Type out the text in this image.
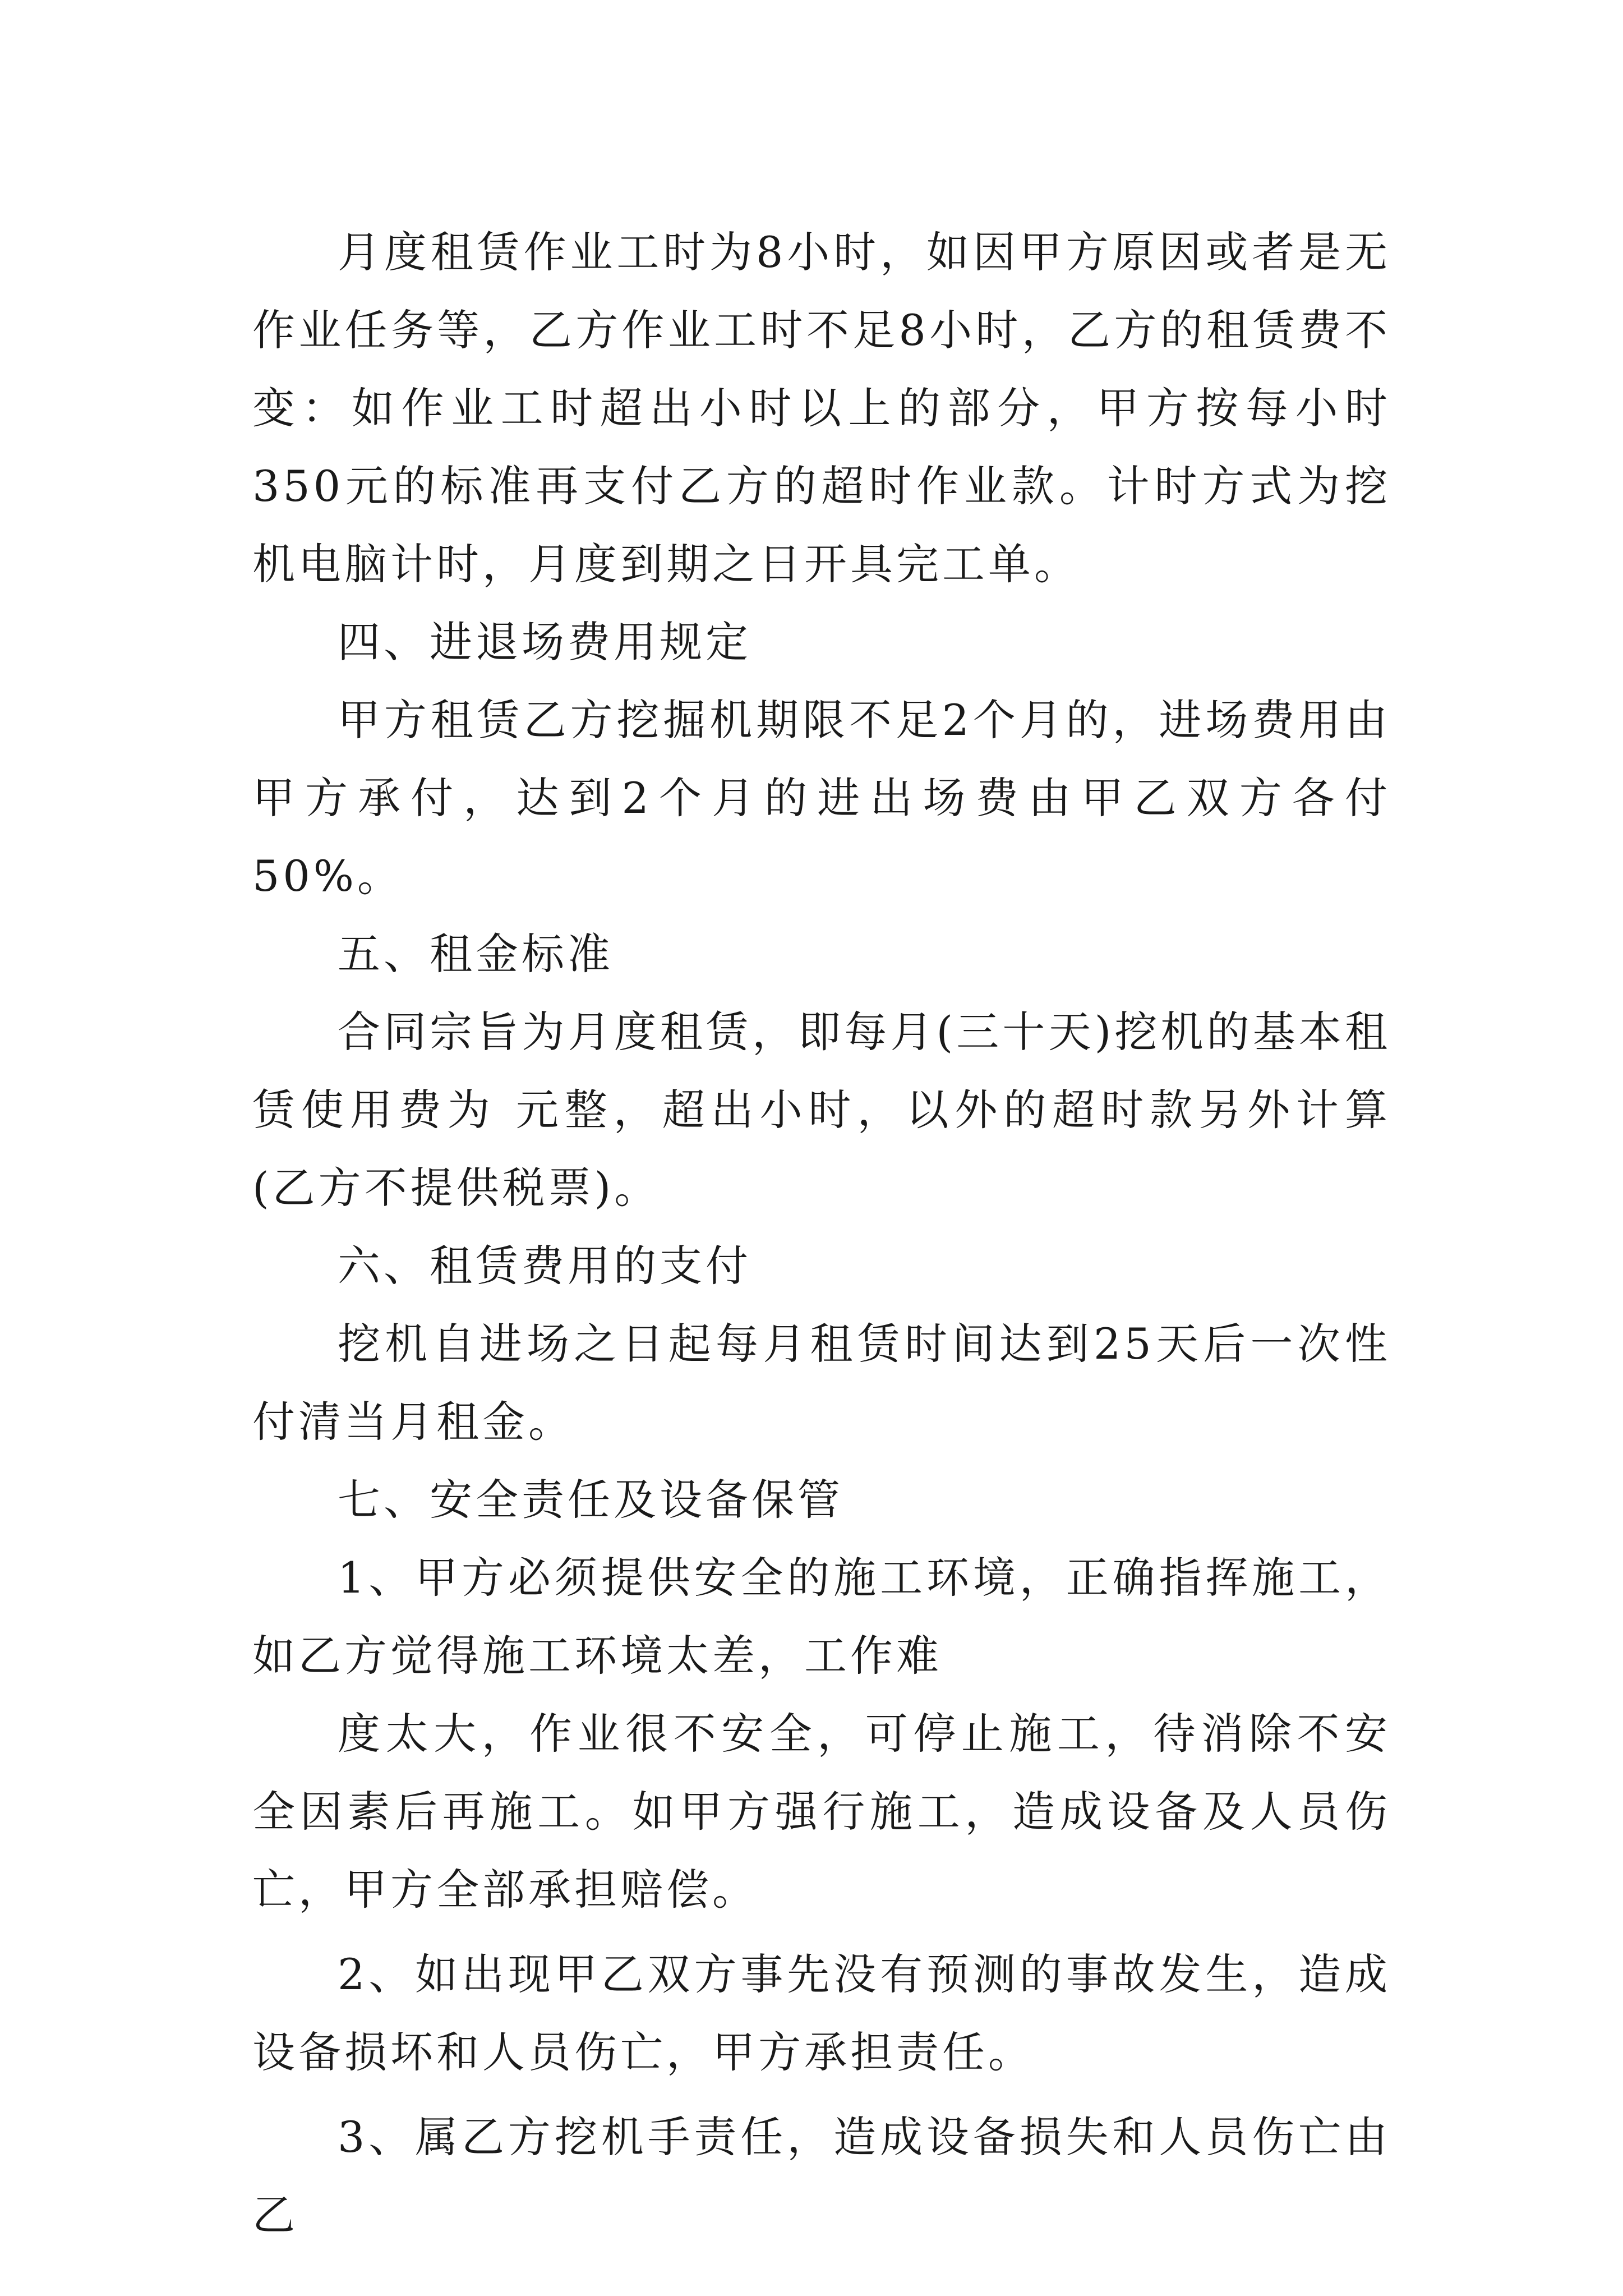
月度租赁作业工时为8小时，如因甲方原因或者是无作业任务等，乙方作业工时不足8小时，乙方的租赁费不变：如作业工时超出小时以上的部分，甲方按每小时350元的标准再支付乙方的超时作业款。计时方式为挖机电脑计时，月度到期之日开具完工单。

四、进退场费用规定

甲方租赁乙方挖掘机期限不足2个月的，进场费用由甲方承付，达到2个月的进出场费由甲乙双方各付50%。

五、租金标准

合同宗旨为月度租赁，即每月(三十天)挖机的基本租赁使用费为 元整，超出小时，以外的超时款另外计算(乙方不提供税票)。

六、租赁费用的支付

挖机自进场之日起每月租赁时间达到25天后一次性付清当月租金。

七、安全责任及设备保管

1、甲方必须提供安全的施工环境，正确指挥施工，如乙方觉得施工环境太差，工作难

度太大，作业很不安全，可停止施工，待消除不安全因素后再施工。如甲方强行施工，造成设备及人员伤亡，甲方全部承担赔偿。

2、如出现甲乙双方事先没有预测的事故发生，造成设备损坏和人员伤亡，甲方承担责任。

3、属乙方挖机手责任，造成设备损失和人员伤亡由乙
